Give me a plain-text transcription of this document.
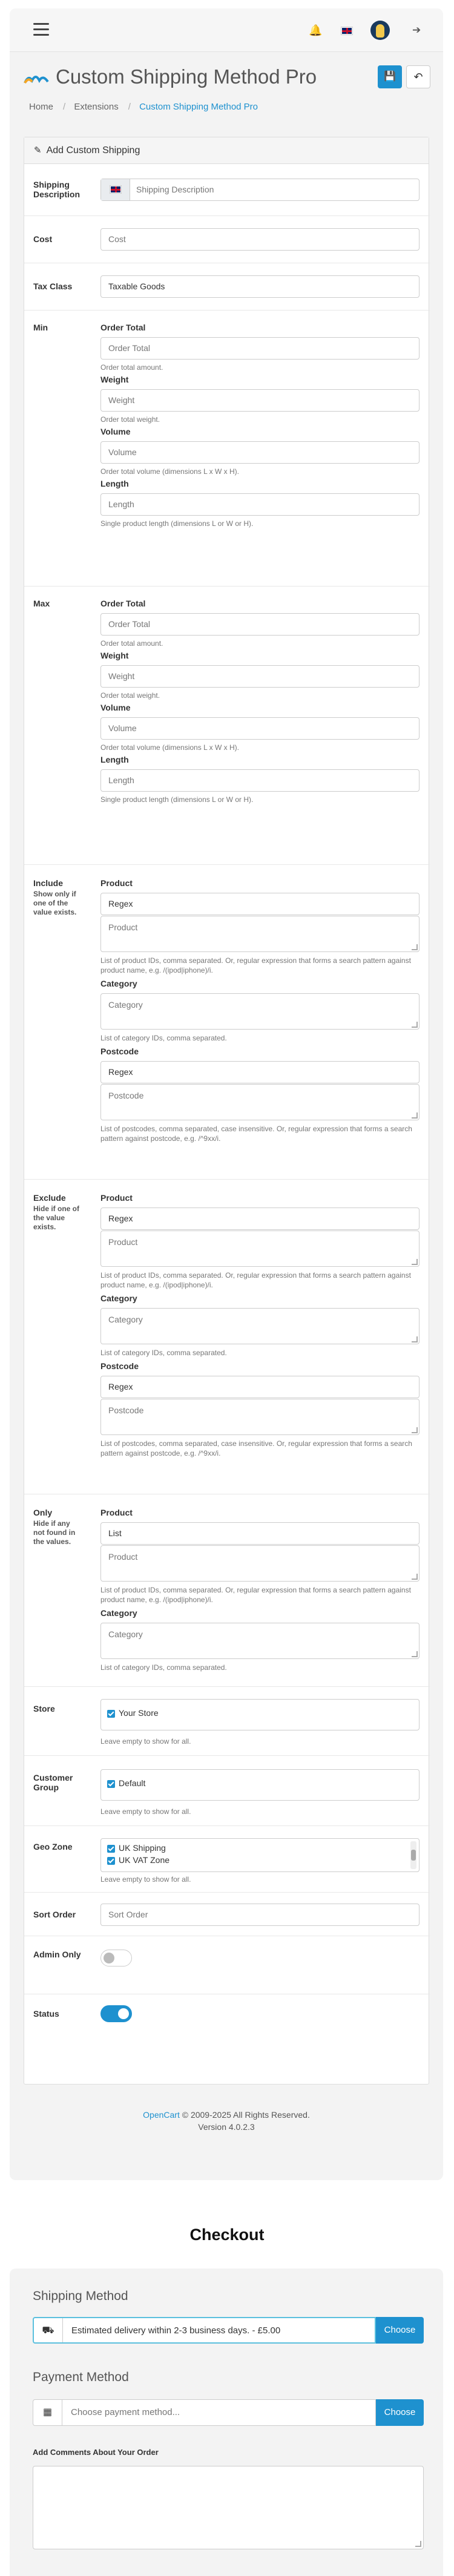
🔔	➔
Custom Shipping Method Pro	💾	↶
Home / Extensions / Custom Shipping Method Pro
✎ Add Custom Shipping
Shipping Description	Shipping Description
Cost	Cost
Tax Class	Taxable Goods
Min	Order Total
Order Total
Order total amount.
Weight
Weight
Order total weight.
Volume
Volume
Order total volume (dimensions L x W x H).
Length
Length
Single product length (dimensions L or W or H).
Max	Order Total
Order Total
Order total amount.
Weight
Weight
Order total weight.
Volume
Volume
Order total volume (dimensions L x W x H).
Length
Length
Single product length (dimensions L or W or H).
Include
Show only if one of the value exists.
Product
Regex
Product
List of product IDs, comma separated. Or, regular expression that forms a search pattern against product name, e.g. /(ipod|iphone)/i.
Category
Category
List of category IDs, comma separated.
Postcode
Regex
Postcode
List of postcodes, comma separated, case insensitive. Or, regular expression that forms a search pattern against postcode, e.g. /^9xx/i.
Exclude
Hide if one of the value exists.
Product
Regex
Product
List of product IDs, comma separated. Or, regular expression that forms a search pattern against product name, e.g. /(ipod|iphone)/i.
Category
Category
List of category IDs, comma separated.
Postcode
Regex
Postcode
List of postcodes, comma separated, case insensitive. Or, regular expression that forms a search pattern against postcode, e.g. /^9xx/i.
Only
Hide if any not found in the values.
Product
List
Product
List of product IDs, comma separated. Or, regular expression that forms a search pattern against product name, e.g. /(ipod|iphone)/i.
Category
Category
List of category IDs, comma separated.
Store	Your Store
Leave empty to show for all.
Customer Group	Default
Leave empty to show for all.
Geo Zone	UK Shipping
UK VAT Zone
Leave empty to show for all.
Sort Order	Sort Order
Admin Only
Status
OpenCart © 2009-2025 All Rights Reserved.
Version 4.0.2.3
Checkout
Shipping Method
⛟	Estimated delivery within 2-3 business days. - £5.00	Choose
Payment Method
▦	Choose payment method...	Choose
Add Comments About Your Order
